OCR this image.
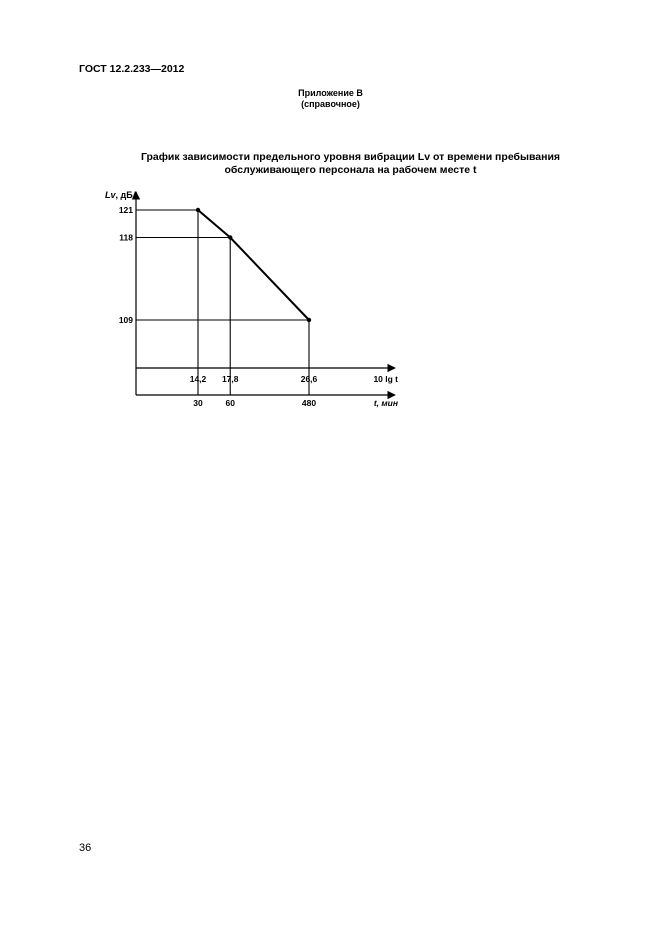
ГОСТ 12.2.233—2012

Приложение В
(справочное)
График зависимости предельного уровня вибрации Lv от времени пребывания
обслуживающего персонала на рабочем месте t
121
118
109
14,2 17,8	26,6
30	60	480
Lv, дБА
10 lg t
t, мин

36
